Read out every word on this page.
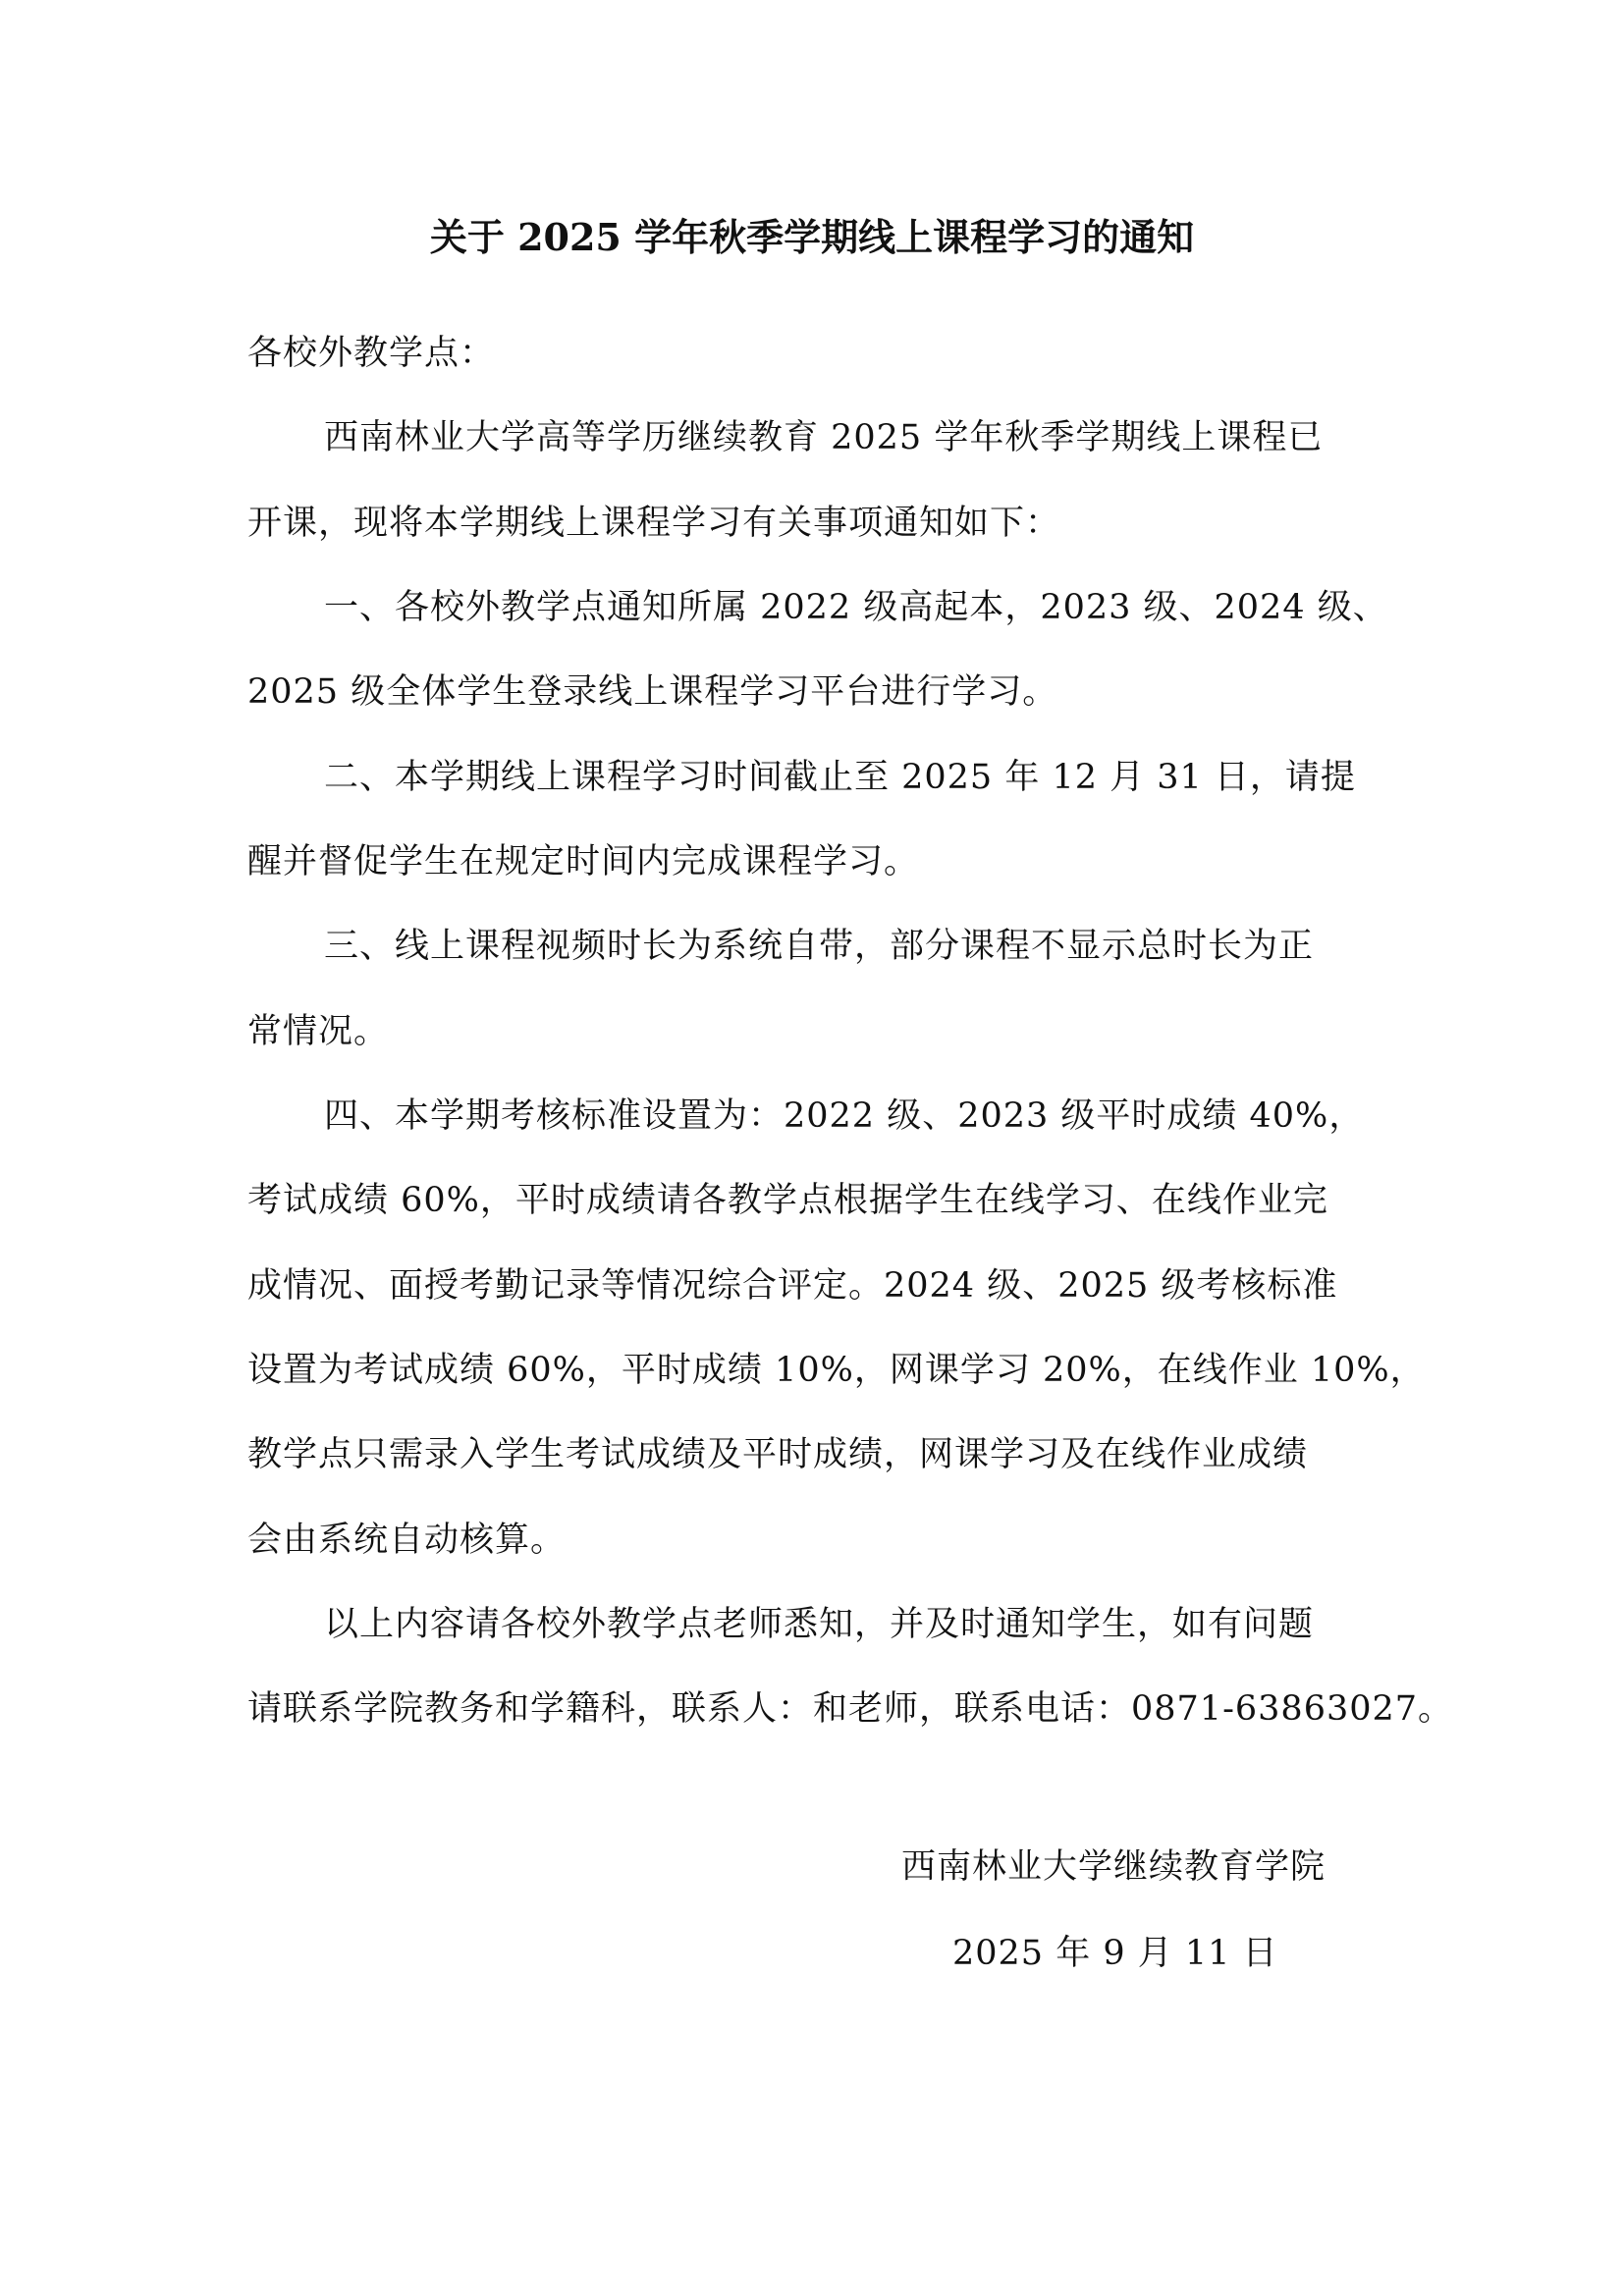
关于 2025 学年秋季学期线上课程学习的通知
各校外教学点：
西南林业大学高等学历继续教育 2025 学年秋季学期线上课程已
开课，现将本学期线上课程学习有关事项通知如下：
一、各校外教学点通知所属 2022 级高起本，2023 级、2024 级、
2025 级全体学生登录线上课程学习平台进行学习。
二、本学期线上课程学习时间截止至 2025 年 12 月 31 日，请提
醒并督促学生在规定时间内完成课程学习。
三、线上课程视频时长为系统自带，部分课程不显示总时长为正
常情况。
四、本学期考核标准设置为：2022 级、2023 级平时成绩 40%，
考试成绩 60%，平时成绩请各教学点根据学生在线学习、在线作业完
成情况、面授考勤记录等情况综合评定。2024 级、2025 级考核标准
设置为考试成绩 60%，平时成绩 10%，网课学习 20%，在线作业 10%，
教学点只需录入学生考试成绩及平时成绩，网课学习及在线作业成绩
会由系统自动核算。
以上内容请各校外教学点老师悉知，并及时通知学生，如有问题
请联系学院教务和学籍科，联系人：和老师，联系电话：0871-63863027。
西南林业大学继续教育学院
2025 年 9 月 11 日
